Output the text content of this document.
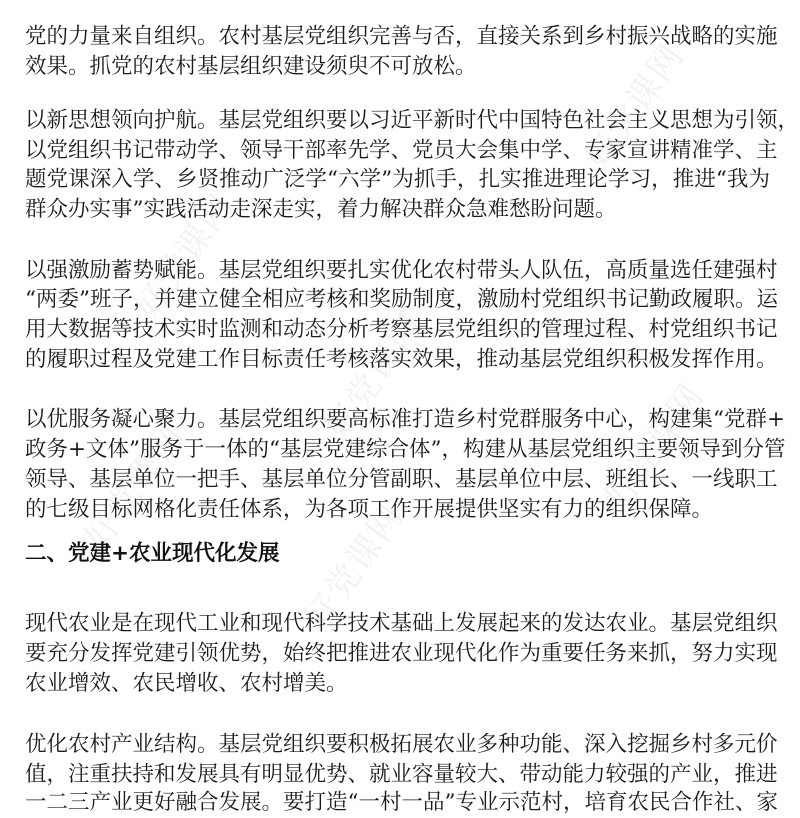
好党课网
好党课网
好党课网
好党课网
好党课网
好党课网
党的力量来自组织。农村基层党组织完善与否，直接关系到乡村振兴战略的实施
效果。抓党的农村基层组织建设须臾不可放松。
以新思想领向护航。基层党组织要以习近平新时代中国特色社会主义思想为引领，
以党组织书记带动学、领导干部率先学、党员大会集中学、专家宣讲精准学、主
题党课深入学、乡贤推动广泛学“六学”为抓手，扎实推进理论学习，推进“我为
群众办实事”实践活动走深走实，着力解决群众急难愁盼问题。
以强激励蓄势赋能。基层党组织要扎实优化农村带头人队伍，高质量选任建强村
“两委”班子，并建立健全相应考核和奖励制度，激励村党组织书记勤政履职。运
用大数据等技术实时监测和动态分析考察基层党组织的管理过程、村党组织书记
的履职过程及党建工作目标责任考核落实效果，推动基层党组织积极发挥作用。
以优服务凝心聚力。基层党组织要高标准打造乡村党群服务中心，构建集“党群+
政务+文体”服务于一体的“基层党建综合体”，构建从基层党组织主要领导到分管
领导、基层单位一把手、基层单位分管副职、基层单位中层、班组长、一线职工
的七级目标网格化责任体系，为各项工作开展提供坚实有力的组织保障。
二、党建+农业现代化发展
现代农业是在现代工业和现代科学技术基础上发展起来的发达农业。基层党组织
要充分发挥党建引领优势，始终把推进农业现代化作为重要任务来抓，努力实现
农业增效、农民增收、农村增美。
优化农村产业结构。基层党组织要积极拓展农业多种功能、深入挖掘乡村多元价
值，注重扶持和发展具有明显优势、就业容量较大、带动能力较强的产业，推进
一二三产业更好融合发展。要打造“一村一品”专业示范村，培育农民合作社、家
